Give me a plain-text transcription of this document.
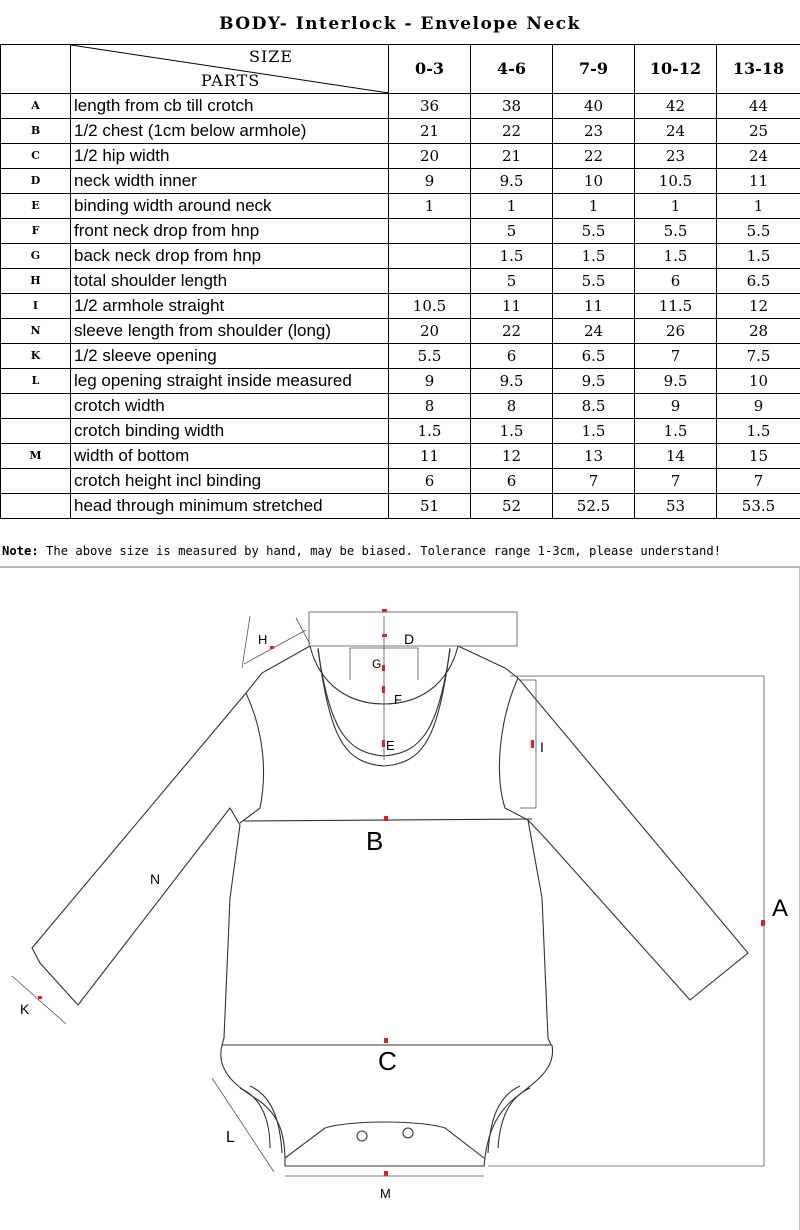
BODY- Interlock - Envelope Neck

	SIZE
PARTS	0-3	4-6	7-9	10-12	13-18
A	length from cb till crotch	36	38	40	42	44
B	1/2 chest (1cm below armhole)	21	22	23	24	25
C	1/2 hip width	20	21	22	23	24
D	neck width inner	9	9.5	10	10.5	11
E	binding width around neck	1	1	1	1	1
F	front neck drop from hnp		5	5.5	5.5	5.5
G	back neck drop from hnp		1.5	1.5	1.5	1.5
H	total shoulder length		5	5.5	6	6.5
I	1/2 armhole straight	10.5	11	11	11.5	12
N	sleeve length from shoulder (long)	20	22	24	26	28
K	1/2 sleeve opening	5.5	6	6.5	7	7.5
L	leg opening straight inside measured	9	9.5	9.5	9.5	10
	crotch width	8	8	8.5	9	9
	crotch binding width	1.5	1.5	1.5	1.5	1.5
M	width of bottom	11	12	13	14	15
	crotch height incl binding	6	6	7	7	7
	head through minimum stretched	51	52	52.5	53	53.5
Note: The above size is measured by hand, may be biased. Tolerance range 1-3cm, please understand!
H	D
G
F
E	I
B
N
A
K
C
L
M
